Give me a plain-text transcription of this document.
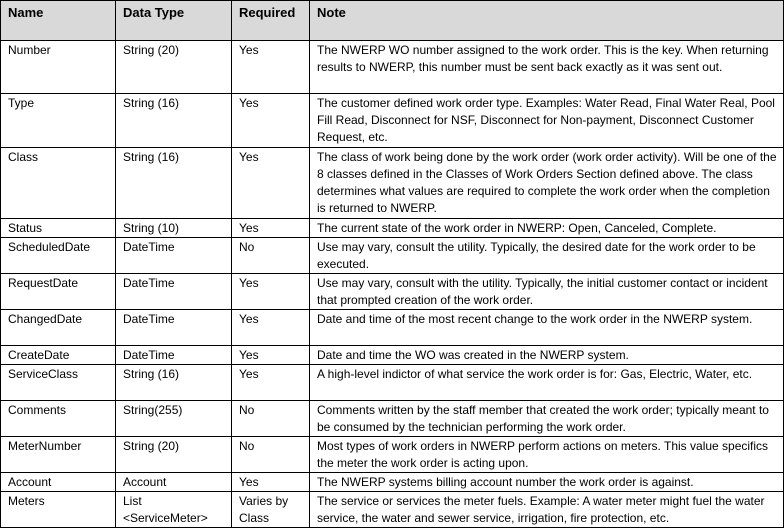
Name	Data Type	Required	Note
Number	String (20)	Yes	The NWERP WO number assigned to the work order. This is the key. When returning results to NWERP, this number must be sent back exactly as it was sent out.
Type	String (16)	Yes	The customer defined work order type. Examples: Water Read, Final Water Real, Pool Fill Read, Disconnect for NSF, Disconnect for Non-payment, Disconnect Customer Request, etc.
Class	String (16)	Yes	The class of work being done by the work order (work order activity). Will be one of the 8 classes defined in the Classes of Work Orders Section defined above. The class determines what values are required to complete the work order when the completion is returned to NWERP.
Status	String (10)	Yes	The current state of the work order in NWERP: Open, Canceled, Complete.
ScheduledDate	DateTime	No	Use may vary, consult the utility. Typically, the desired date for the work order to be executed.
RequestDate	DateTime	Yes	Use may vary, consult with the utility. Typically, the initial customer contact or incident that prompted creation of the work order.
ChangedDate	DateTime	Yes	Date and time of the most recent change to the work order in the NWERP system.
CreateDate	DateTime	Yes	Date and time the WO was created in the NWERP system.
ServiceClass	String (16)	Yes	A high-level indictor of what service the work order is for: Gas, Electric, Water, etc.
Comments	String(255)	No	Comments written by the staff member that created the work order; typically meant to be consumed by the technician performing the work order.
MeterNumber	String (20)	No	Most types of work orders in NWERP perform actions on meters. This value specifics the meter the work order is acting upon.
Account	Account	Yes	The NWERP systems billing account number the work order is against.
Meters	List <ServiceMeter>	Varies by Class	The service or services the meter fuels. Example: A water meter might fuel the water service, the water and sewer service, irrigation, fire protection, etc.
